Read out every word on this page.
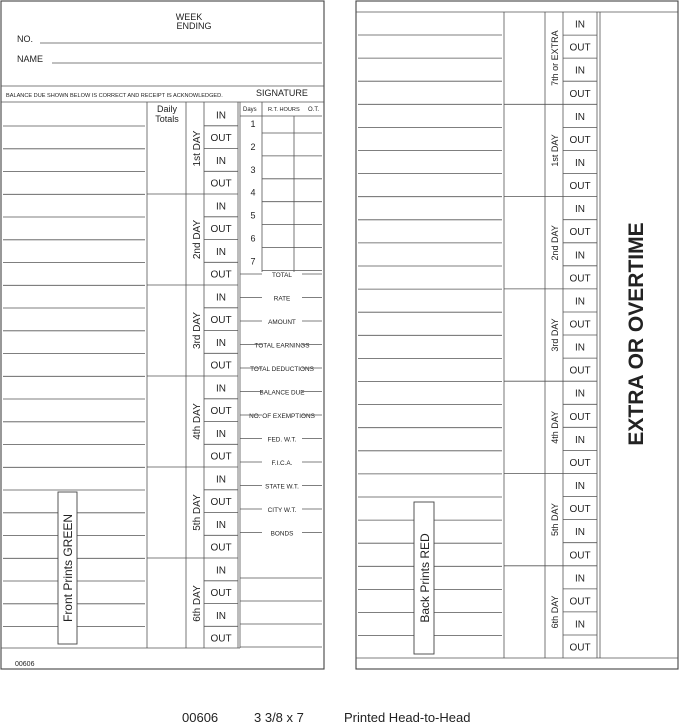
WEEK
ENDING
NO.
NAME
BALANCE DUE SHOWN BELOW IS CORRECT AND RECEIPT IS ACKNOWLEDGED.	SIGNATURE
Daily
Totals
1st DAY
IN
OUT
IN
OUT
2nd DAY
IN
OUT
IN
OUT
3rd DAY
IN
OUT
IN
OUT
4th DAY
IN
OUT
IN
OUT
5th DAY
IN
OUT
IN
OUT
6th DAY
IN
OUT
IN
OUT
Days R.T. HOURS O.T.
1
2
3
4
5
6
7
TOTAL
RATE
AMOUNT
TOTAL EARNINGS
TOTAL DEDUCTIONS
BALANCE DUE
NO. OF EXEMPTIONS
FED. W.T.
F.I.C.A.
STATE W.T.
CITY W.T.
BONDS
Front Prints GREEN
00606
7th or EXTRA
IN
OUT
IN
OUT
1st DAY
IN
OUT
IN
OUT
2nd DAY
IN
OUT
IN
OUT
3rd DAY
IN
OUT
IN
OUT
4th DAY
IN
OUT
IN
OUT
5th DAY
IN
OUT
IN
OUT
6th DAY
IN
OUT
IN
OUT
EXTRA OR OVERTIME
Back Prints RED
00606	3 3/8 x 7	Printed Head-to-Head
